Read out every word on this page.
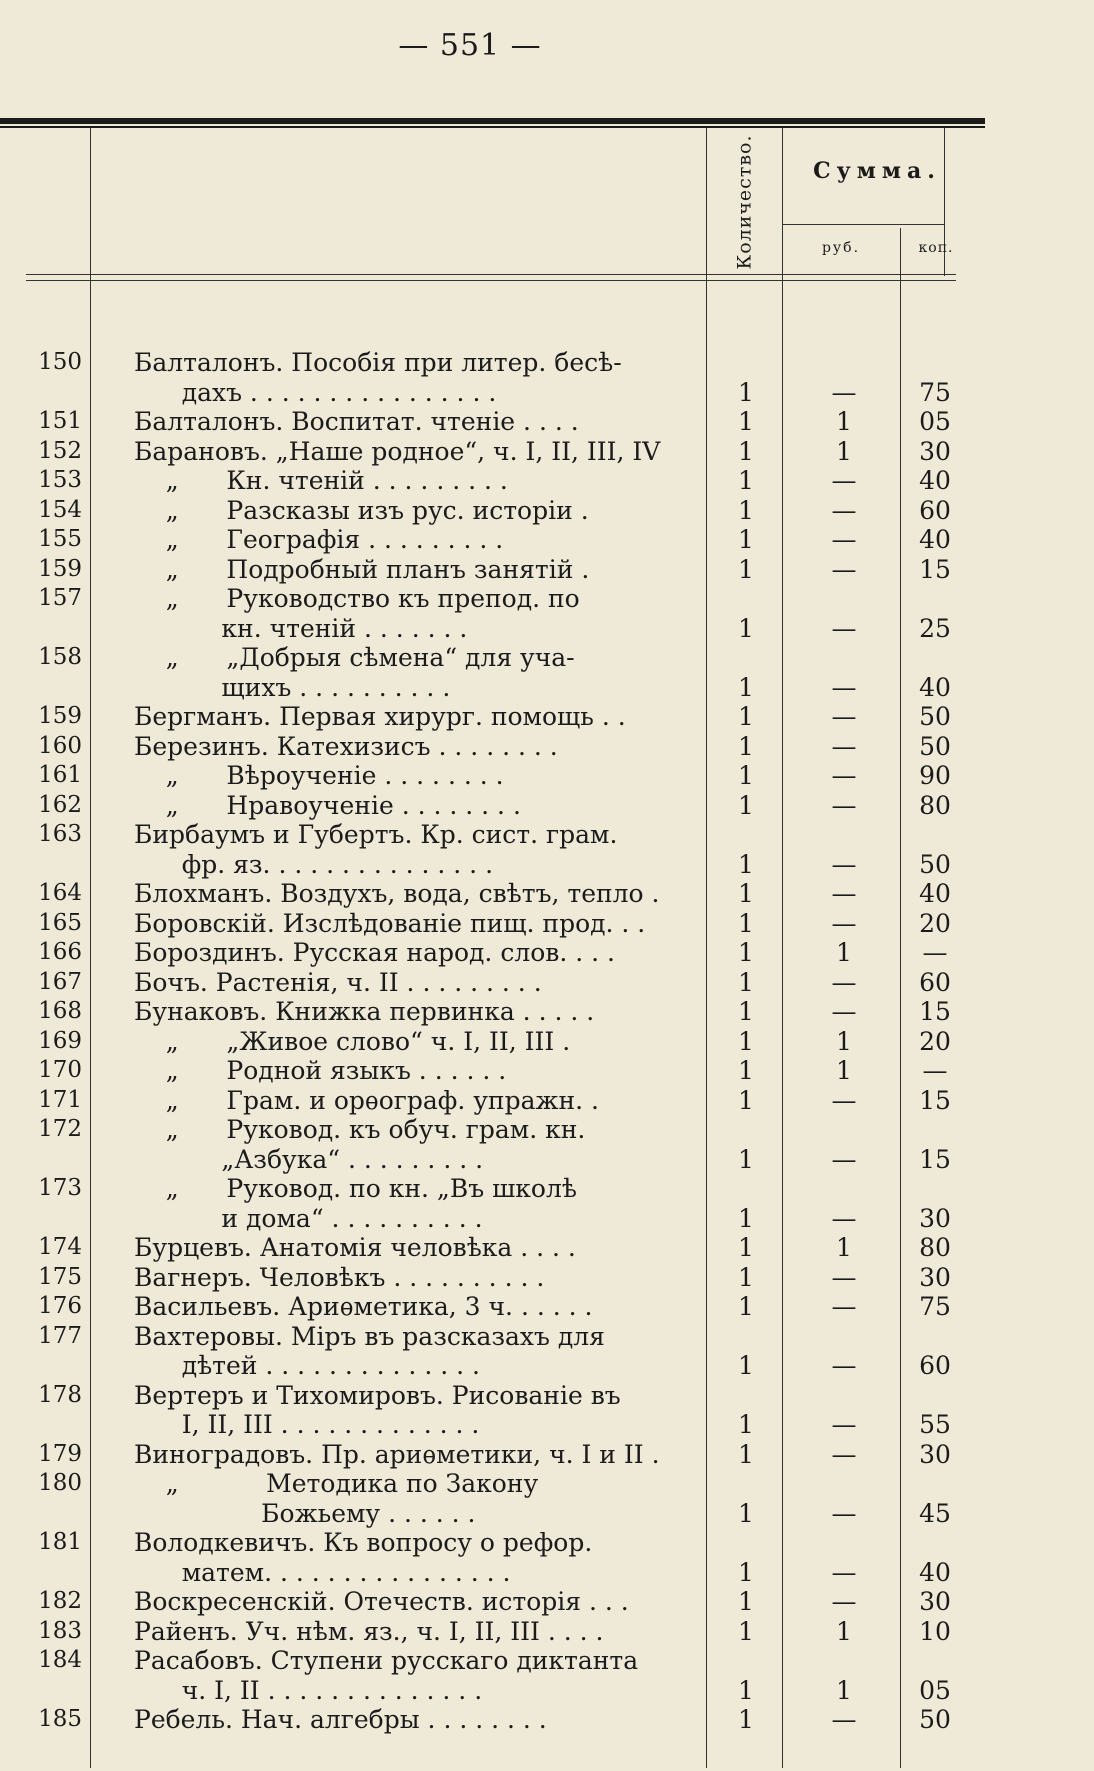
— 551 —
Количество.	Сумма.
руб.	коп.
150 Балталонъ. Пособія при литер. бесѣ-
дахъ . . . . . . . . . . . . . . . .	1	—	75
151 Балталонъ. Воспитат. чтеніе . . . .	1	1	05
152 Барановъ. „Наше родное“, ч. I, II, III, IV	1	1	30
153 „      Кн. чтеній . . . . . . . . .	1	—	40
154 „      Разсказы изъ рус. исторіи .	1	—	60
155 „      Географія . . . . . . . . .	1	—	40
159 „      Подробный планъ занятій .	1	—	15
157	„      Руководство къ препод. по
кн. чтеній . . . . . . .	1	—	25
158	„      „Добрыя сѣмена“ для уча-
щихъ . . . . . . . . . .	1	—	40
159 Бергманъ. Первая хирург. помощь . .	1	—	50
160 Березинъ. Катехизисъ . . . . . . . .	1	—	50
161 „      Вѣроученіе . . . . . . . .	1	—	90
162 „      Нравоученіе . . . . . . . .	1	—	80
163 Бирбаумъ и Губертъ. Кр. сист. грам.
фр. яз. . . . . . . . . . . . . . .	1	—	50
164 Блохманъ. Воздухъ, вода, свѣтъ, тепло .	1	—	40
165 Боровскій. Изслѣдованіе пищ. прод. . .	1	—	20
166 Бороздинъ. Русская народ. слов. . . .	1	1	—
167 Бочъ. Растенія, ч. II . . . . . . . . .	1	—	60
168 Бунаковъ. Книжка первинка . . . . .	1	—	15
169 „      „Живое слово“ ч. I, II, III .	1	1	20
170 „      Родной языкъ . . . . . .	1	1	—
171 „      Грам. и орѳограф. упражн. .	1	—	15
172	„      Руковод. къ обуч. грам. кн.
„Азбука“ . . . . . . . . .	1	—	15
173	„      Руковод. по кн. „Въ школѣ
и дома“ . . . . . . . . . .	1	—	30
174 Бурцевъ. Анатомія человѣка . . . .	1	1	80
175 Вагнеръ. Человѣкъ . . . . . . . . . .	1	—	30
176 Васильевъ. Ариѳметика, 3 ч. . . . . .	1	—	75
177 Вахтеровы. Міръ въ разсказахъ для
дѣтей . . . . . . . . . . . . . .	1	—	60
178 Вертеръ и Тихомировъ. Рисованіе въ
I, II, III . . . . . . . . . . . . .	1	—	55
179 Виноградовъ. Пр. ариѳметики, ч. I и II .	1	—	30
180	„           Методика по Закону
Божьему . . . . . .	1	—	45
181 Володкевичъ. Къ вопросу о рефор.
матем. . . . . . . . . . . . . . . .	1	—	40
182 Воскресенскій. Отечеств. исторія . . .	1	—	30
183 Райенъ. Уч. нѣм. яз., ч. I, II, III . . . .	1	1	10
184 Расабовъ. Ступени русскаго диктанта
ч. I, II . . . . . . . . . . . . . .	1	1	05
185 Ребель. Нач. алгебры . . . . . . . .	1	—	50
